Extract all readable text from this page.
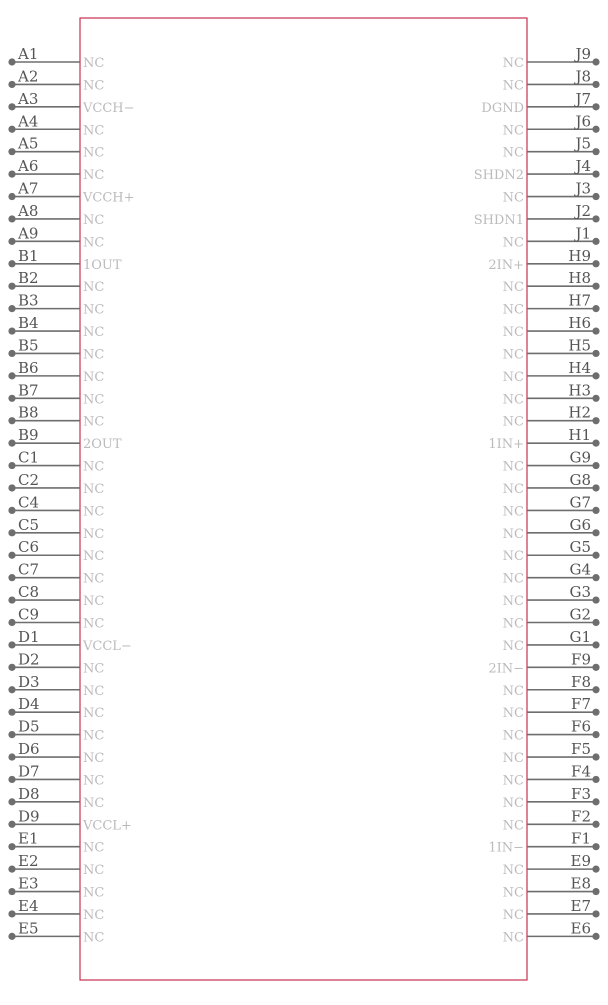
A1
NC
A2
NC
A3
VCCH−
A4
NC
A5
NC
A6
NC
A7
VCCH+
A8
NC
A9
NC
B1
1OUT
B2
NC
B3
NC
B4
NC
B5
NC
B6
NC
B7
NC
B8
NC
B9
2OUT
C1
NC
C2
NC
C4
NC
C5
NC
C6
NC
C7
NC
C8
NC
C9
NC
D1
VCCL−
D2
NC
D3
NC
D4
NC
D5
NC
D6
NC
D7
NC
D8
NC
D9
VCCL+
E1
NC
E2
NC
E3
NC
E4
NC
E5
NC
J9
NC
J8
NC
J7
DGND
J6
NC
J5
NC
J4
SHDN2
J3
NC
J2
SHDN1
J1
NC
H9
2IN+
H8
NC
H7
NC
H6
NC
H5
NC
H4
NC
H3
NC
H2
NC
H1
1IN+
G9
NC
G8
NC
G7
NC
G6
NC
G5
NC
G4
NC
G3
NC
G2
NC
G1
NC
F9
2IN−
F8
NC
F7
NC
F6
NC
F5
NC
F4
NC
F3
NC
F2
NC
F1
1IN−
E9
NC
E8
NC
E7
NC
E6
NC
